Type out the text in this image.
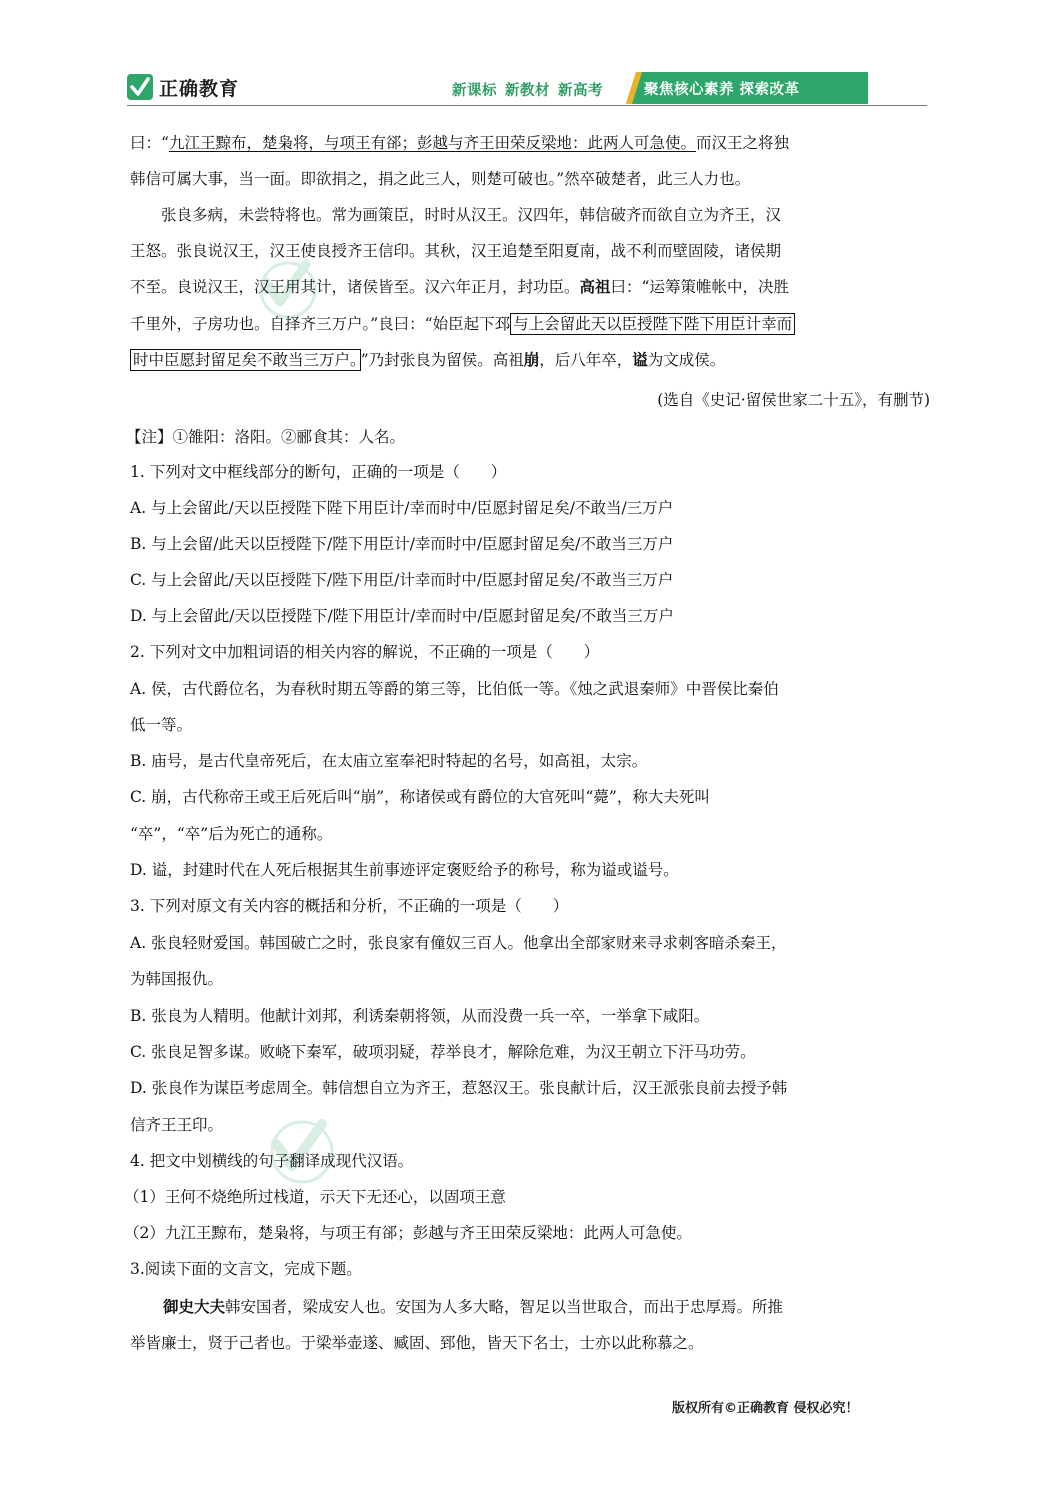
正确教育	新课标 新教材 新高考	聚焦核心素养 探索改革
曰：“九江王黥布，楚枭将，与项王有郤；彭越与齐王田荣反梁地：此两人可急使。而汉王之将独
韩信可属大事，当一面。即欲捐之，捐之此三人，则楚可破也。”然卒破楚者，此三人力也。
张良多病，未尝特将也。常为画策臣，时时从汉王。汉四年，韩信破齐而欲自立为齐王，汉
王怒。张良说汉王，汉王使良授齐王信印。其秋，汉王追楚至阳夏南，战不利而壁固陵，诸侯期
不至。良说汉王，汉王用其计，诸侯皆至。汉六年正月，封功臣。高祖曰：“运筹策帷帐中，决胜
千里外，子房功也。自择齐三万户。”良曰：“始臣起下邳 与上会留此天以臣授陛下陛下用臣计幸而
时中臣愿封留足矣不敢当三万户。 ”乃封张良为留侯。高祖崩，后八年卒，谥为文成侯。
(选自《史记·留侯世家二十五》，有删节)
【注】①雒阳：洛阳。②郦食其：人名。
1. 下列对文中框线部分的断句，正确的一项是（　　）
A. 与上会留此/天以臣授陛下陛下用臣计/幸而时中/臣愿封留足矣/不敢当/三万户
B. 与上会留/此天以臣授陛下/陛下用臣计/幸而时中/臣愿封留足矣/不敢当三万户
C. 与上会留此/天以臣授陛下/陛下用臣/计幸而时中/臣愿封留足矣/不敢当三万户
D. 与上会留此/天以臣授陛下/陛下用臣计/幸而时中/臣愿封留足矣/不敢当三万户
2. 下列对文中加粗词语的相关内容的解说，不正确的一项是（　　）
A. 侯，古代爵位名，为春秋时期五等爵的第三等，比伯低一等。《烛之武退秦师》中晋侯比秦伯
低一等。
B. 庙号，是古代皇帝死后，在太庙立室奉祀时特起的名号，如高祖，太宗。
C. 崩，古代称帝王或王后死后叫“崩”，称诸侯或有爵位的大官死叫“薨”，称大夫死叫
“卒”，“卒”后为死亡的通称。
D. 谥，封建时代在人死后根据其生前事迹评定褒贬给予的称号，称为谥或谥号。
3. 下列对原文有关内容的概括和分析，不正确的一项是（　　）
A. 张良轻财爱国。韩国破亡之时，张良家有僮奴三百人。他拿出全部家财来寻求刺客暗杀秦王，
为韩国报仇。
B. 张良为人精明。他献计刘邦，利诱秦朝将领，从而没费一兵一卒，一举拿下咸阳。
C. 张良足智多谋。败峣下秦军，破项羽疑，荐举良才，解除危难，为汉王朝立下汗马功劳。
D. 张良作为谋臣考虑周全。韩信想自立为齐王，惹怒汉王。张良献计后，汉王派张良前去授予韩
信齐王王印。
4. 把文中划横线的句子翻译成现代汉语。
（1）王何不烧绝所过栈道，示天下无还心，以固项王意
（2）九江王黥布，楚枭将，与项王有郤；彭越与齐王田荣反梁地：此两人可急使。
3.阅读下面的文言文，完成下题。
御史大夫韩安国者，梁成安人也。安国为人多大略，智足以当世取合，而出于忠厚焉。所推
举皆廉士，贤于己者也。于梁举壶遂、臧固、郅他，皆天下名士，士亦以此称慕之。
版权所有©正确教育 侵权必究！
